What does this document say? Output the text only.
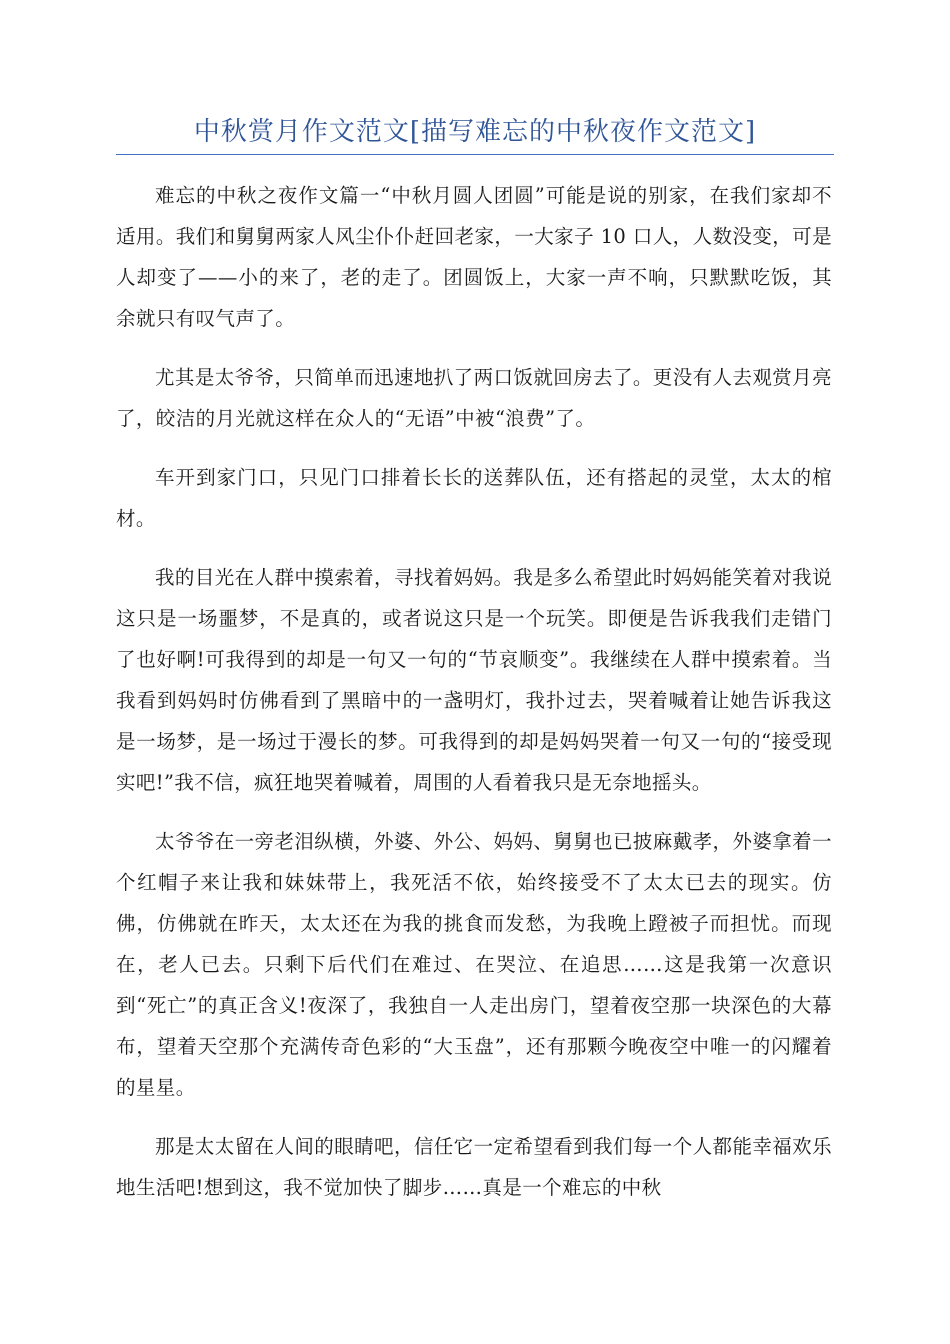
中秋赏月作文范文[描写难忘的中秋夜作文范文]

难忘的中秋之夜作文篇一“中秋月圆人团圆”可能是说的别家，在我们家却不适用。我们和舅舅两家人风尘仆仆赶回老家，一大家子 10 口人，人数没变，可是人却变了——小的来了，老的走了。团圆饭上，大家一声不响，只默默吃饭，其余就只有叹气声了。

尤其是太爷爷，只简单而迅速地扒了两口饭就回房去了。更没有人去观赏月亮了，皎洁的月光就这样在众人的“无语”中被“浪费”了。

车开到家门口，只见门口排着长长的送葬队伍，还有搭起的灵堂，太太的棺材。

我的目光在人群中摸索着，寻找着妈妈。我是多么希望此时妈妈能笑着对我说这只是一场噩梦，不是真的，或者说这只是一个玩笑。即便是告诉我我们走错门了也好啊!可我得到的却是一句又一句的“节哀顺变”。我继续在人群中摸索着。当我看到妈妈时仿佛看到了黑暗中的一盏明灯，我扑过去，哭着喊着让她告诉我这是一场梦，是一场过于漫长的梦。可我得到的却是妈妈哭着一句又一句的“接受现实吧!”我不信，疯狂地哭着喊着，周围的人看着我只是无奈地摇头。

太爷爷在一旁老泪纵横，外婆、外公、妈妈、舅舅也已披麻戴孝，外婆拿着一个红帽子来让我和妹妹带上，我死活不依，始终接受不了太太已去的现实。仿佛，仿佛就在昨天，太太还在为我的挑食而发愁，为我晚上蹬被子而担忧。而现在，老人已去。只剩下后代们在难过、在哭泣、在追思……这是我第一次意识到“死亡”的真正含义!夜深了，我独自一人走出房门，望着夜空那一块深色的大幕布，望着天空那个充满传奇色彩的“大玉盘”，还有那颗今晚夜空中唯一的闪耀着的星星。

那是太太留在人间的眼睛吧，信任它一定希望看到我们每一个人都能幸福欢乐地生活吧!想到这，我不觉加快了脚步……真是一个难忘的中秋
